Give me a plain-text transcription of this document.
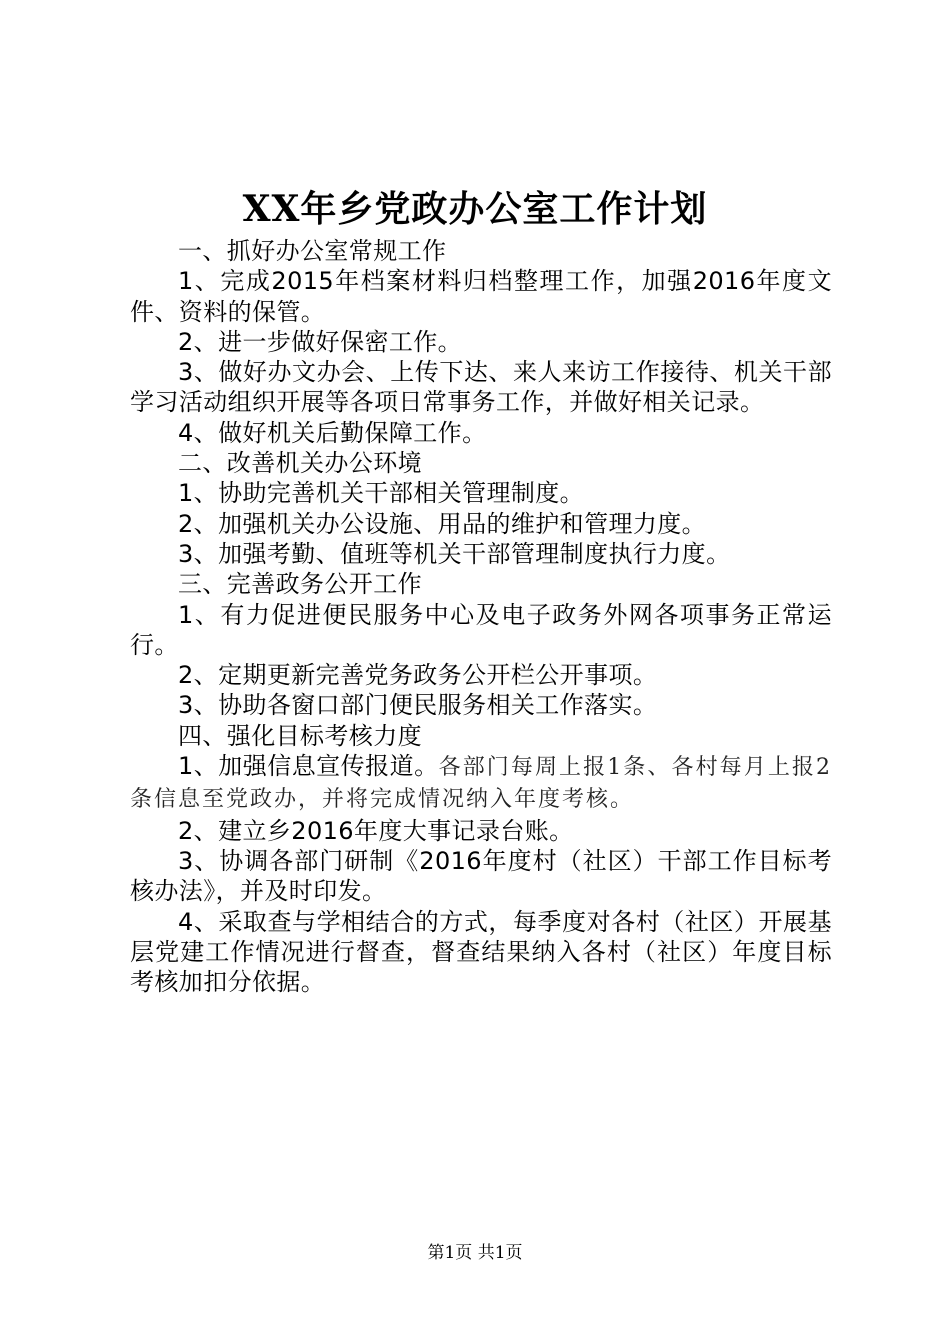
XX年乡党政办公室工作计划

一、抓好办公室常规工作

1、完成2015年档案材料归档整理工作，加强2016年度文件、资料的保管。

2、进一步做好保密工作。

3、做好办文办会、上传下达、来人来访工作接待、机关干部学习活动组织开展等各项日常事务工作，并做好相关记录。

4、做好机关后勤保障工作。

二、改善机关办公环境

1、协助完善机关干部相关管理制度。

2、加强机关办公设施、用品的维护和管理力度。

3、加强考勤、值班等机关干部管理制度执行力度。

三、完善政务公开工作

1、有力促进便民服务中心及电子政务外网各项事务正常运行。

2、定期更新完善党务政务公开栏公开事项。

3、协助各窗口部门便民服务相关工作落实。

四、强化目标考核力度

1、加强信息宣传报道。各部门每周上报1条、各村每月上报2条信息至党政办，并将完成情况纳入年度考核。

2、建立乡2016年度大事记录台账。

3、协调各部门研制《2016年度村（社区）干部工作目标考核办法》，并及时印发。

4、采取查与学相结合的方式，每季度对各村（社区）开展基层党建工作情况进行督查，督查结果纳入各村（社区）年度目标考核加扣分依据。

第1页 共1页
